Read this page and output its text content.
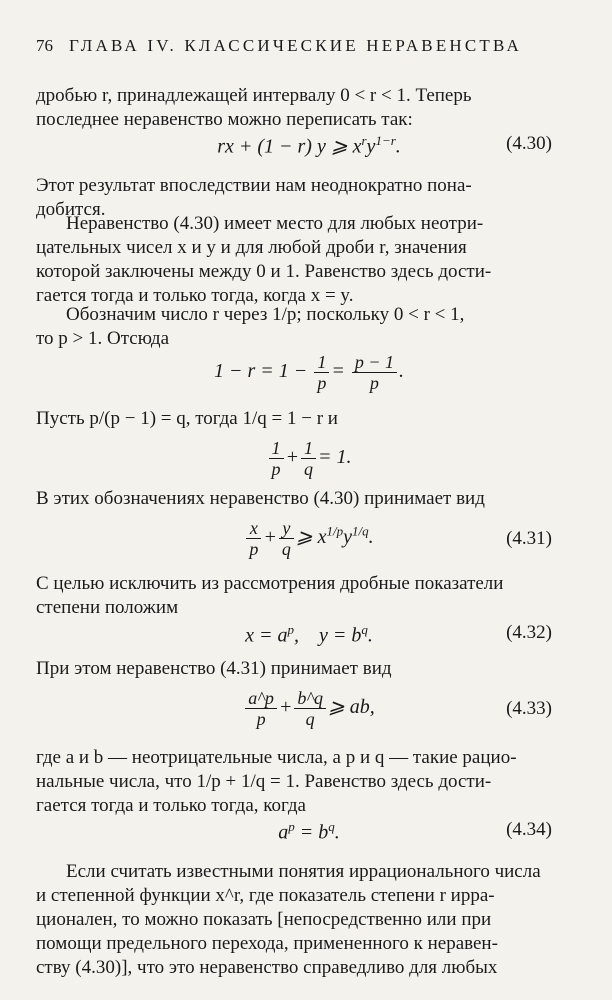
76 ГЛАВА IV. КЛАССИЧЕСКИЕ НЕРАВЕНСТВА
дробью r, принадлежащей интервалу 0 < r < 1. Теперь
последнее неравенство можно переписать так:
rx + (1 − r) y ⩾ $x^ry^{1-r}$.	(4.30)
Этот результат впоследствии нам неоднократно пона-
добится.
Неравенство (4.30) имеет место для любых неотри-
цательных чисел x и y и для любой дроби r, значения
которой заключены между 0 и 1. Равенство здесь дости-
гается тогда и только тогда, когда x = y.
Обозначим число r через 1/p; поскольку 0 < r < 1,
то p > 1. Отсюда
$1 - r = 1 - \frac{1}{p} = \frac{p - 1}{p}$ .
Пусть p/(p − 1) = q, тогда 1/q = 1 − r и
$\frac{1}{p} + \frac{1}{q} = 1$.
В этих обозначениях неравенство (4.30) принимает вид
$\frac{x}{p} + \frac{y}{q}$ ⩾ $x^{1/p}y^{1/q}$.	(4.31)
С целью исключить из рассмотрения дробные показатели
степени положим
$x = a^p$,    $y = b^q$.	(4.32)
При этом неравенство (4.31) принимает вид
$\frac{a\^{}p}{p} + \frac{b\^{}q}{q}$ ⩾ ab,	(4.33)
где a и b — неотрицательные числа, а p и q — такие рацио-
нальные числа, что 1/p + 1/q = 1. Равенство здесь дости-
гается тогда и только тогда, когда
$a^p = b^q$.	(4.34)
Если считать известными понятия иррационального числа
и степенной функции x^r, где показатель степени r ирра-
ционален, то можно показать [непосредственно или при
помощи предельного перехода, примененного к неравен-
ству (4.30)], что это неравенство справедливо для любых
